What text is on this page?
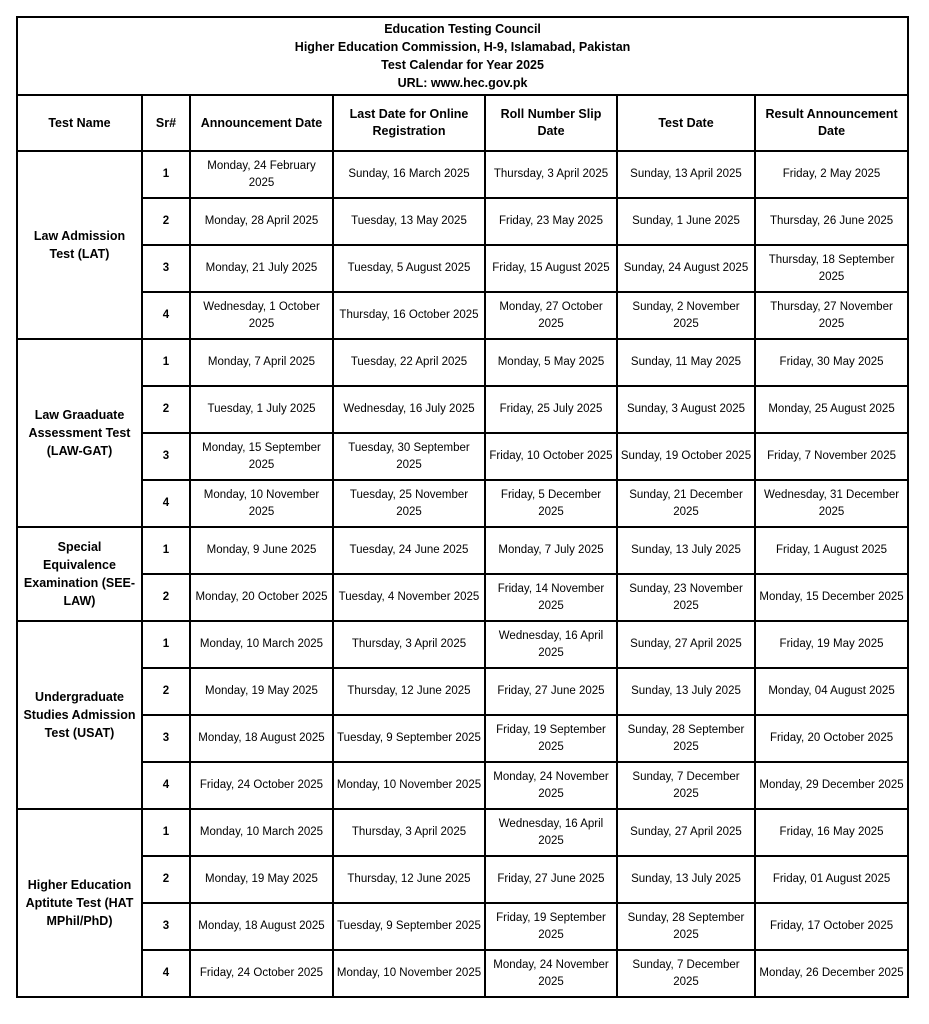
Education Testing Council
Higher Education Commission, H-9, Islamabad, Pakistan
Test Calendar for Year 2025
URL: www.hec.gov.pk						

Test Name	Sr#	Announcement Date	Last Date for Online Registration	Roll Number Slip Date	Test Date	Result Announcement Date
Law Admission Test (LAT)	1	Monday, 24 February 2025	Sunday, 16 March 2025	Thursday, 3 April 2025	Sunday, 13 April 2025	Friday, 2 May 2025
	2	Monday, 28 April 2025	Tuesday, 13 May 2025	Friday, 23 May 2025	Sunday, 1 June 2025	Thursday, 26 June 2025
	3	Monday, 21 July 2025	Tuesday, 5 August 2025	Friday, 15 August 2025	Sunday, 24 August 2025	Thursday, 18 September 2025
	4	Wednesday, 1 October 2025	Thursday, 16 October 2025	Monday, 27 October 2025	Sunday, 2 November 2025	Thursday, 27 November 2025
Law Graaduate Assessment Test (LAW-GAT)	1	Monday, 7 April 2025	Tuesday, 22 April 2025	Monday, 5 May 2025	Sunday, 11 May 2025	Friday, 30 May 2025
	2	Tuesday, 1 July 2025	Wednesday, 16 July 2025	Friday, 25 July 2025	Sunday, 3 August 2025	Monday, 25 August 2025
	3	Monday, 15 September 2025	Tuesday, 30 September 2025	Friday, 10 October 2025	Sunday, 19 October 2025	Friday, 7 November 2025
	4	Monday, 10 November 2025	Tuesday, 25 November 2025	Friday, 5 December 2025	Sunday, 21 December 2025	Wednesday, 31 December 2025
Special Equivalence Examination (SEE-LAW)	1	Monday, 9 June 2025	Tuesday, 24 June 2025	Monday, 7 July 2025	Sunday, 13 July 2025	Friday, 1 August 2025
	2	Monday, 20 October 2025	Tuesday, 4 November 2025	Friday, 14 November 2025	Sunday, 23 November 2025	Monday, 15 December 2025
Undergraduate Studies Admission Test (USAT)	1	Monday, 10 March 2025	Thursday, 3 April 2025	Wednesday, 16 April 2025	Sunday, 27 April 2025	Friday, 19 May 2025
	2	Monday, 19 May 2025	Thursday, 12 June 2025	Friday, 27 June 2025	Sunday, 13 July 2025	Monday, 04 August 2025
	3	Monday, 18 August 2025	Tuesday, 9 September 2025	Friday, 19 September 2025	Sunday, 28 September 2025	Friday, 20 October 2025
	4	Friday, 24 October 2025	Monday, 10 November 2025	Monday, 24 November 2025	Sunday, 7 December 2025	Monday, 29 December 2025
Higher Education Aptitute Test (HAT MPhil/PhD)	1	Monday, 10 March 2025	Thursday, 3 April 2025	Wednesday, 16 April 2025	Sunday, 27 April 2025	Friday, 16 May 2025
	2	Monday, 19 May 2025	Thursday, 12 June 2025	Friday, 27 June 2025	Sunday, 13 July 2025	Friday, 01 August 2025
	3	Monday, 18 August 2025	Tuesday, 9 September 2025	Friday, 19 September 2025	Sunday, 28 September 2025	Friday, 17 October 2025
	4	Friday, 24 October 2025	Monday, 10 November 2025	Monday, 24 November 2025	Sunday, 7 December 2025	Monday, 26 December 2025
